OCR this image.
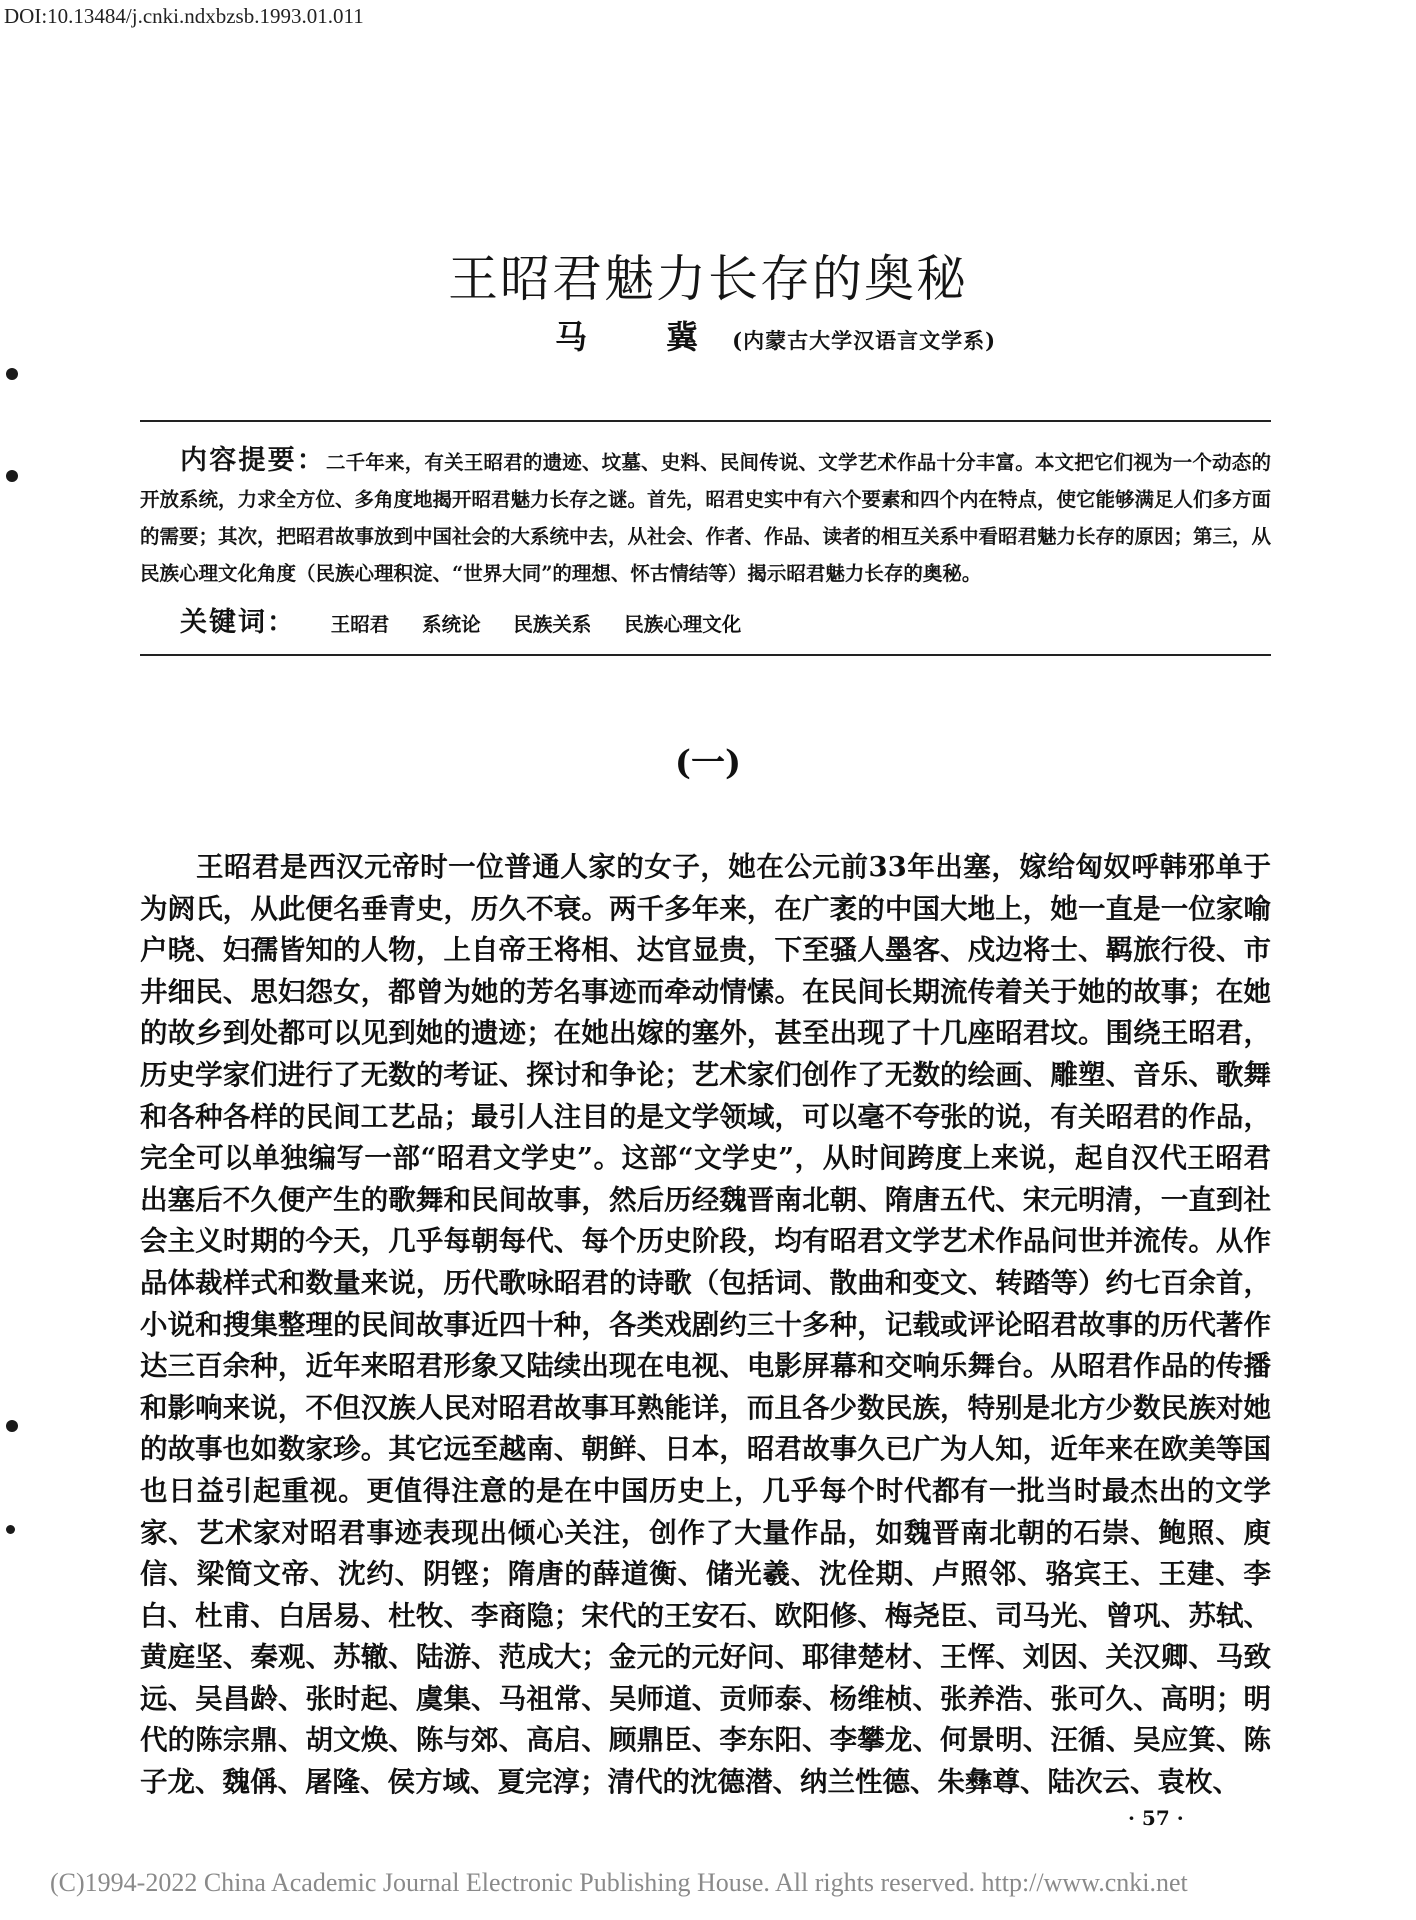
DOI:10.13484/j.cnki.ndxbzsb.1993.01.011
王昭君魅力长存的奥秘
马 冀(内蒙古大学汉语言文学系)
内容提要：二千年来，有关王昭君的遗迹、坟墓、史料、民间传说、文学艺术作品十分丰富。本文把它们视为一个动态的开放系统，力求全方位、多角度地揭开昭君魅力长存之谜。首先，昭君史实中有六个要素和四个内在特点，使它能够满足人们多方面的需要；其次，把昭君故事放到中国社会的大系统中去，从社会、作者、作品、读者的相互关系中看昭君魅力长存的原因；第三，从民族心理文化角度（民族心理积淀、“世界大同”的理想、怀古情结等）揭示昭君魅力长存的奥秘。
关键词： 王昭君 系统论 民族关系 民族心理文化
(一)

王昭君是西汉元帝时一位普通人家的女子，她在公元前33年出塞，嫁给匈奴呼韩邪单于为阏氏，从此便名垂青史，历久不衰。两千多年来，在广袤的中国大地上，她一直是一位家喻户晓、妇孺皆知的人物，上自帝王将相、达官显贵，下至骚人墨客、戍边将士、羁旅行役、市井细民、思妇怨女，都曾为她的芳名事迹而牵动情愫。在民间长期流传着关于她的故事；在她的故乡到处都可以见到她的遗迹；在她出嫁的塞外，甚至出现了十几座昭君坟。围绕王昭君，历史学家们进行了无数的考证、探讨和争论；艺术家们创作了无数的绘画、雕塑、音乐、歌舞和各种各样的民间工艺品；最引人注目的是文学领域，可以毫不夸张的说，有关昭君的作品，完全可以单独编写一部“昭君文学史”。这部“文学史”，从时间跨度上来说，起自汉代王昭君出塞后不久便产生的歌舞和民间故事，然后历经魏晋南北朝、隋唐五代、宋元明清，一直到社会主义时期的今天，几乎每朝每代、每个历史阶段，均有昭君文学艺术作品问世并流传。从作品体裁样式和数量来说，历代歌咏昭君的诗歌（包括词、散曲和变文、转踏等）约七百余首，小说和搜集整理的民间故事近四十种，各类戏剧约三十多种，记载或评论昭君故事的历代著作达三百余种，近年来昭君形象又陆续出现在电视、电影屏幕和交响乐舞台。从昭君作品的传播和影响来说，不但汉族人民对昭君故事耳熟能详，而且各少数民族，特别是北方少数民族对她的故事也如数家珍。其它远至越南、朝鲜、日本，昭君故事久已广为人知，近年来在欧美等国也日益引起重视。更值得注意的是在中国历史上，几乎每个时代都有一批当时最杰出的文学家、艺术家对昭君事迹表现出倾心关注，创作了大量作品，如魏晋南北朝的石崇、鲍照、庾信、梁简文帝、沈约、阴铿；隋唐的薛道衡、储光羲、沈佺期、卢照邻、骆宾王、王建、李白、杜甫、白居易、杜牧、李商隐；宋代的王安石、欧阳修、梅尧臣、司马光、曾巩、苏轼、黄庭坚、秦观、苏辙、陆游、范成大；金元的元好问、耶律楚材、王恽、刘因、关汉卿、马致远、吴昌龄、张时起、虞集、马祖常、吴师道、贡师泰、杨维桢、张养浩、张可久、高明；明代的陈宗鼎、胡文焕、陈与郊、高启、顾鼎臣、李东阳、李攀龙、何景明、汪循、吴应箕、陈子龙、魏偁、屠隆、侯方域、夏完淳；清代的沈德潜、纳兰性德、朱彝尊、陆次云、袁枚、

· 57 ·
(C)1994-2022 China Academic Journal Electronic Publishing House. All rights reserved. http://www.cnki.net
